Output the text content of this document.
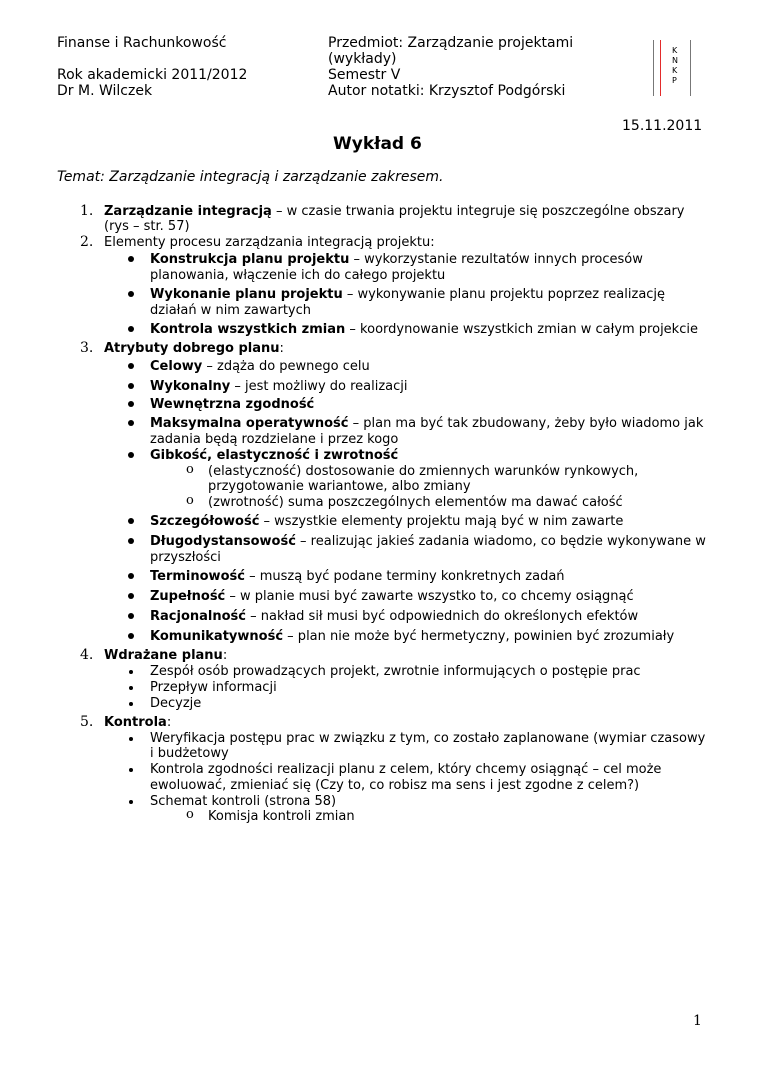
Finanse i Rachunkowość
Rok akademicki 2011/2012
Dr M. Wilczek
Przedmiot: Zarządzanie projektami
(wykłady)
Semestr V
Autor notatki: Krzysztof Podgórski
K
N
K
P
15.11.2011
Wykład 6
Temat: Zarządzanie integracją i zarządzanie zakresem.
1. Zarządzanie integracją – w czasie trwania projektu integruje się poszczególne obszary
(rys – str. 57)
2. Elementy procesu zarządzania integracją projektu:
Konstrukcja planu projektu – wykorzystanie rezultatów innych procesów
planowania, włączenie ich do całego projektu
Wykonanie planu projektu – wykonywanie planu projektu poprzez realizację
działań w nim zawartych
Kontrola wszystkich zmian – koordynowanie wszystkich zmian w całym projekcie
3. Atrybuty dobrego planu:
Celowy – zdąża do pewnego celu
Wykonalny – jest możliwy do realizacji
Wewnętrzna zgodność
Maksymalna operatywność – plan ma być tak zbudowany, żeby było wiadomo jak
zadania będą rozdzielane i przez kogo
Gibkość, elastyczność i zwrotność
o (elastyczność) dostosowanie do zmiennych warunków rynkowych,
przygotowanie wariantowe, albo zmiany
o (zwrotność) suma poszczególnych elementów ma dawać całość
Szczegółowość – wszystkie elementy projektu mają być w nim zawarte
Długodystansowość – realizując jakieś zadania wiadomo, co będzie wykonywane w
przyszłości
Terminowość – muszą być podane terminy konkretnych zadań
Zupełność – w planie musi być zawarte wszystko to, co chcemy osiągnąć
Racjonalność – nakład sił musi być odpowiednich do określonych efektów
Komunikatywność – plan nie może być hermetyczny, powinien być zrozumiały
4. Wdrażane planu:
Zespół osób prowadzących projekt, zwrotnie informujących o postępie prac
Przepływ informacji
Decyzje
5. Kontrola:
Weryfikacja postępu prac w związku z tym, co zostało zaplanowane (wymiar czasowy
i budżetowy
Kontrola zgodności realizacji planu z celem, który chcemy osiągnąć – cel może
ewoluować, zmieniać się (Czy to, co robisz ma sens i jest zgodne z celem?)
Schemat kontroli (strona 58)
o Komisja kontroli zmian
1
